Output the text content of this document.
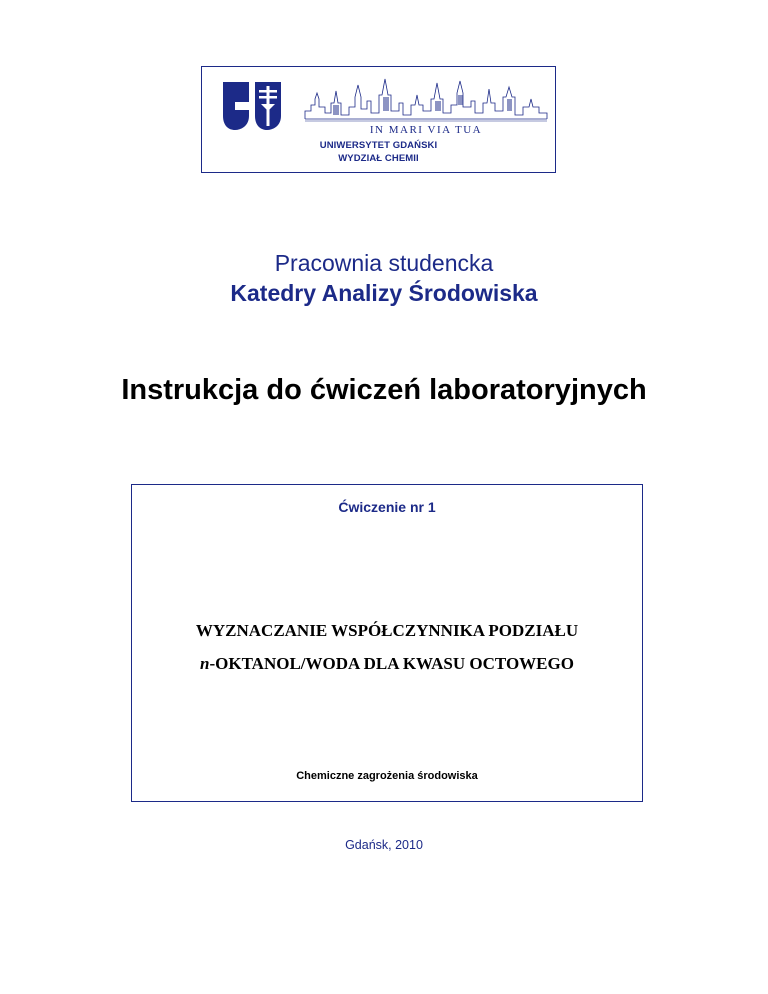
IN MARI VIA TUA
UNIWERSYTET GDAŃSKI
WYDZIAŁ CHEMII
Pracownia studencka
Katedry Analizy Środowiska
Instrukcja do ćwiczeń laboratoryjnych
Ćwiczenie nr 1
WYZNACZANIE WSPÓŁCZYNNIKA PODZIAŁU
n-OKTANOL/WODA DLA KWASU OCTOWEGO
Chemiczne zagrożenia środowiska
Gdańsk, 2010
